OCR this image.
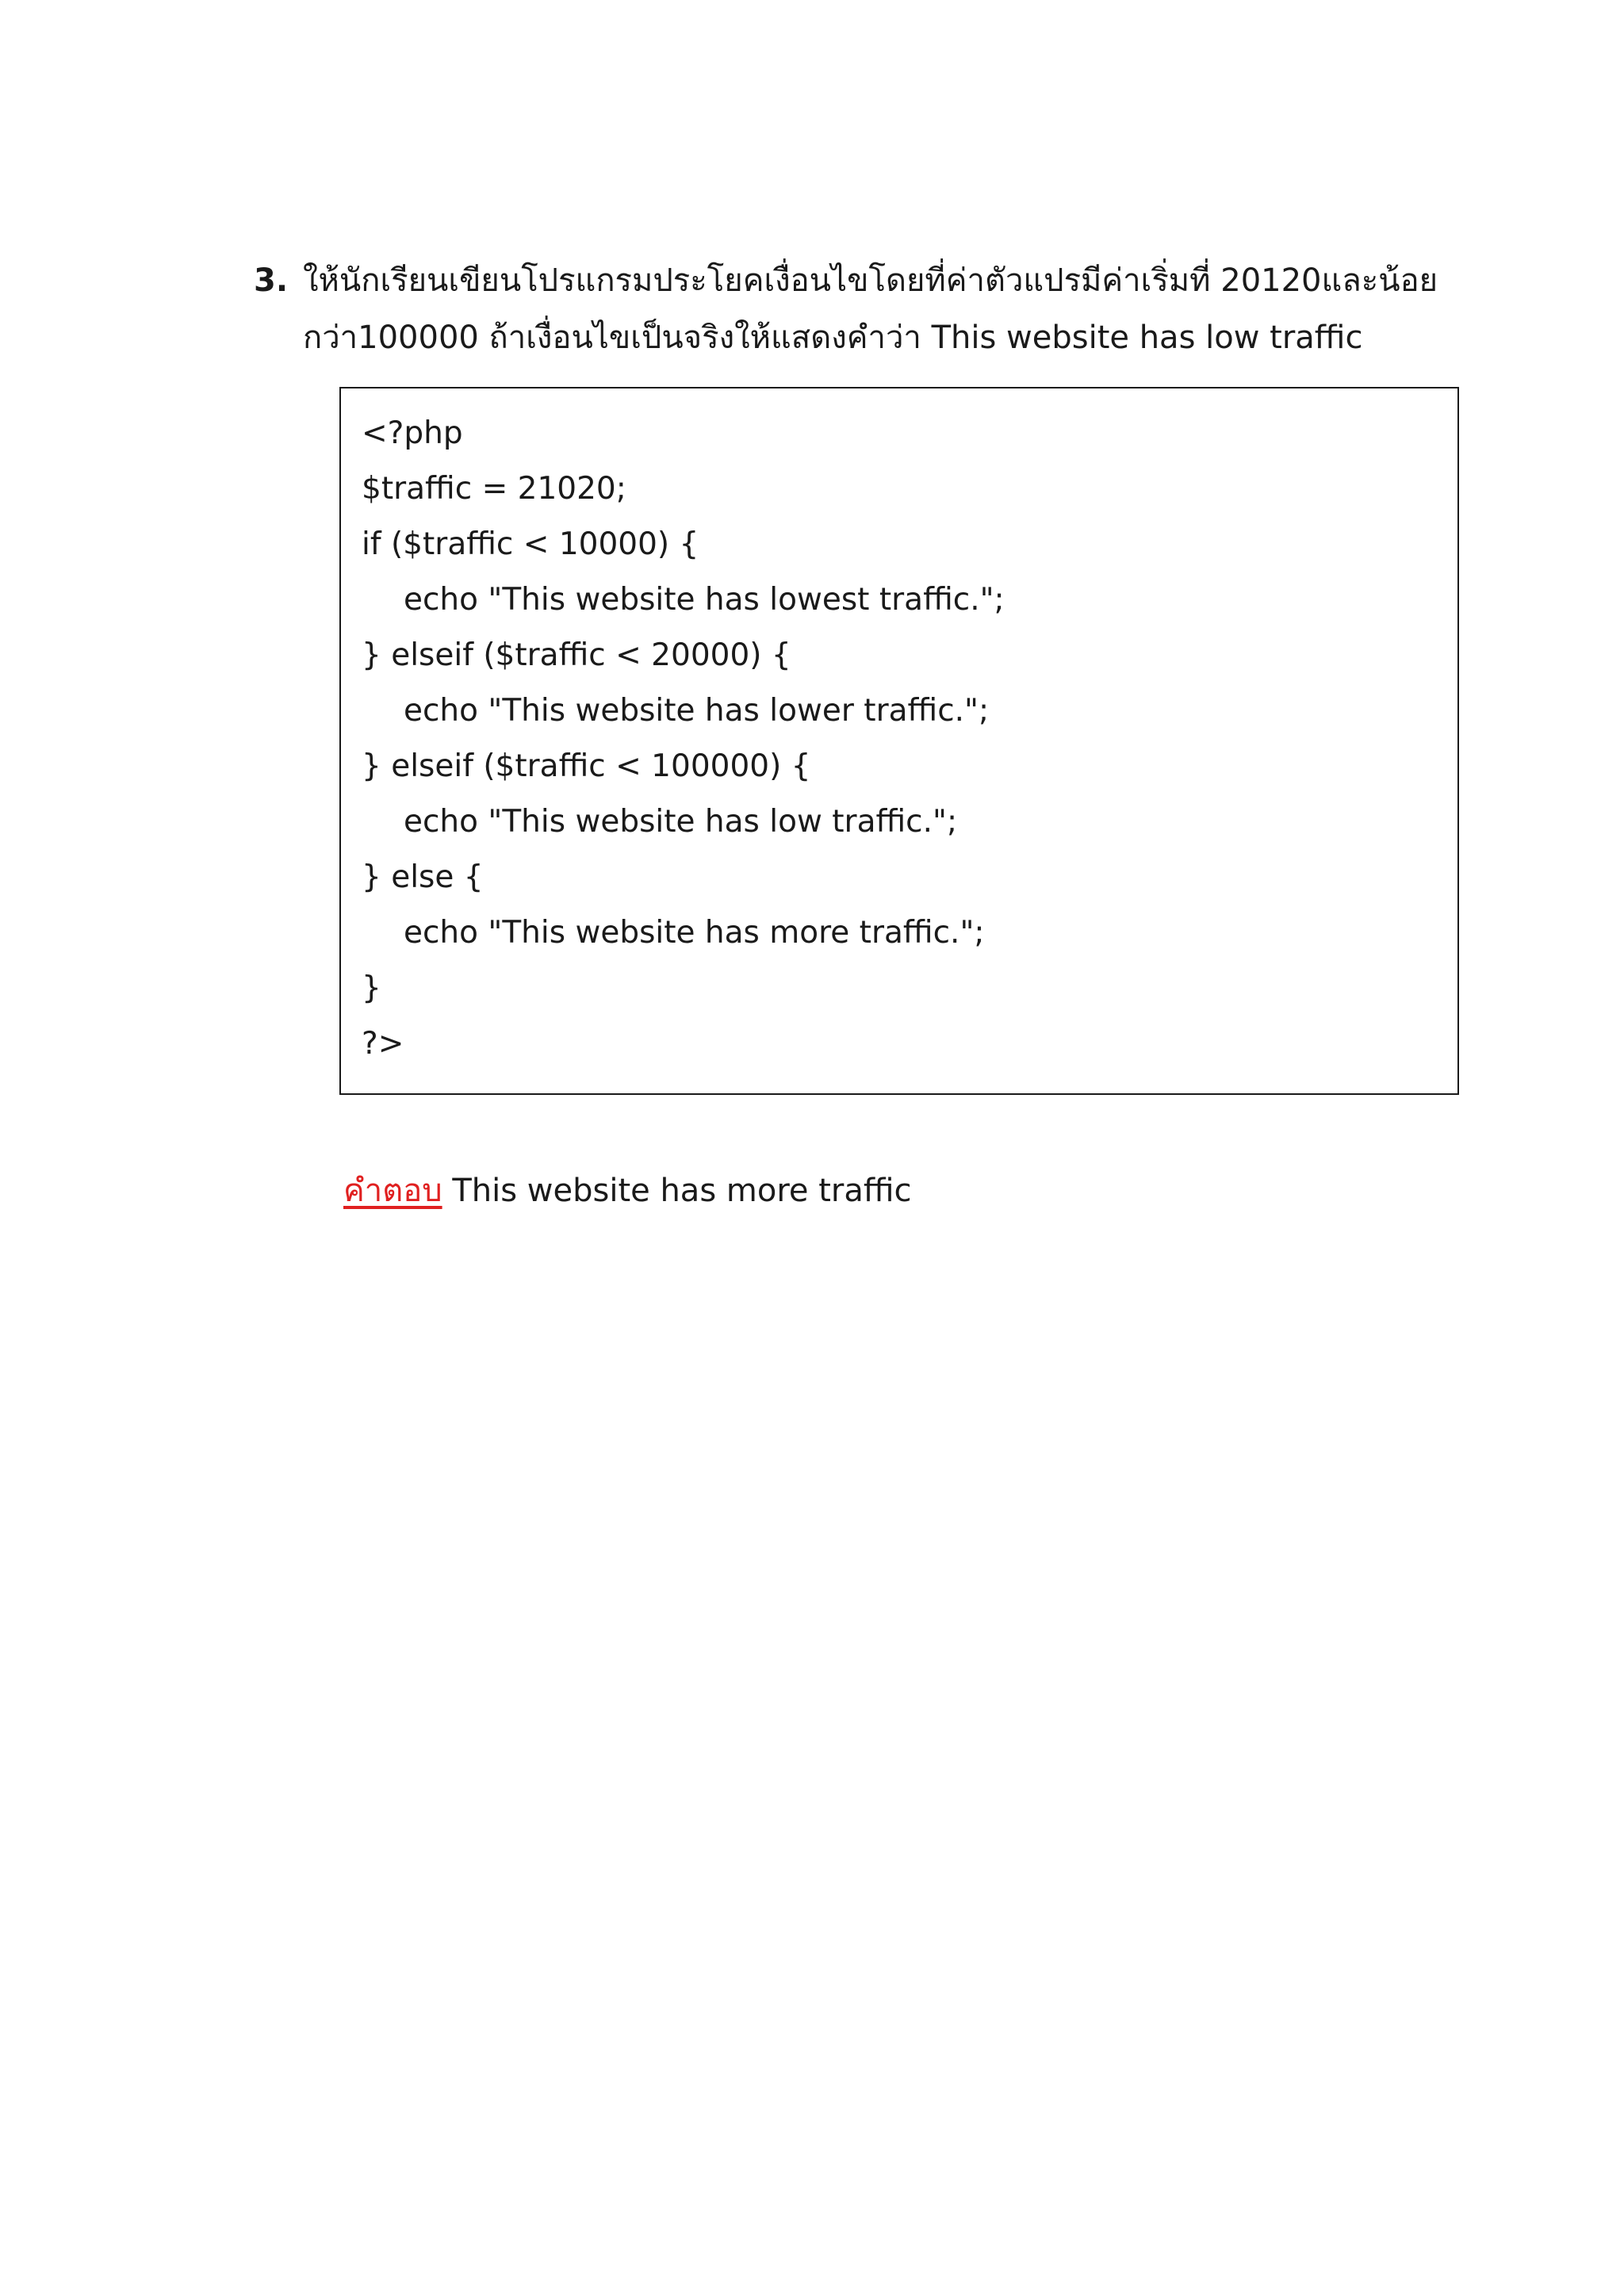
3. ให้นักเรียนเขียนโปรแกรมประโยคเงื่อนไขโดยที่ค่าตัวแปรมีค่าเริ่มที่ 20120และน้อย
กว่า100000 ถ้าเงื่อนไขเป็นจริงให้แสดงคำว่า This website has low traffic
<?php
$traffic = 21020;
if ($traffic < 10000) {
echo "This website has lowest traffic.";
} elseif ($traffic < 20000) {
echo "This website has lower traffic.";
} elseif ($traffic < 100000) {
echo "This website has low traffic.";
} else {
echo "This website has more traffic.";
}
?>
คำตอบ This website has more traffic
